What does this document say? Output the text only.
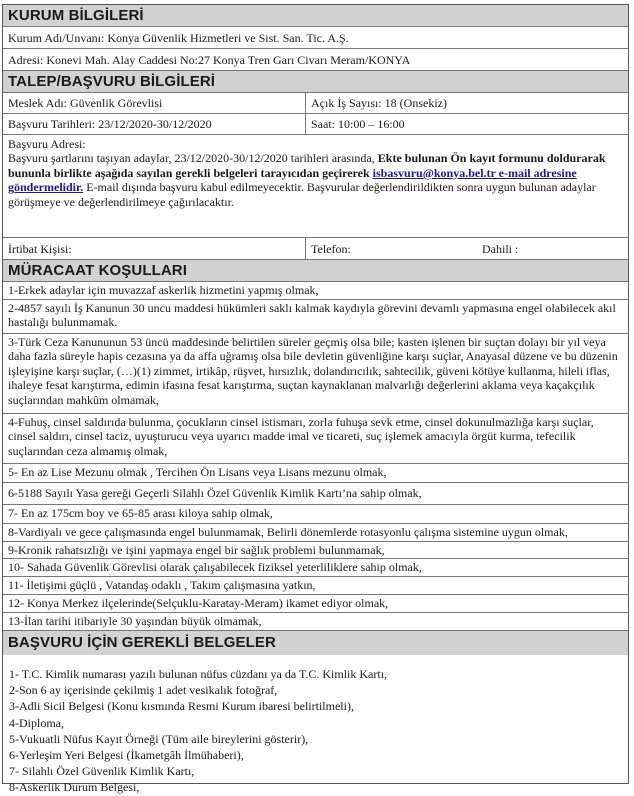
KURUM BİLGİLERİ
Kurum Adı/Unvanı: Konya Güvenlik Hizmetleri ve Sist. San. Tic. A.Ş.
Adresi: Konevi Mah. Alay Caddesi No:27 Konya Tren Garı Civarı Meram/KONYA
TALEP/BAŞVURU BİLGİLERİ
Meslek Adı: Güvenlik Görevlisi	Açık İş Sayısı: 18 (Onsekiz)
Başvuru Tarihleri: 23/12/2020-30/12/2020	Saat: 10:00 – 16:00
Başvuru Adresi:
Başvuru şartlarını taşıyan adaylar, 23/12/2020-30/12/2020 tarihleri arasında, Ekte bulunan Ön kayıt formunu doldurarak bununla birlikte aşağıda sayılan gerekli belgeleri tarayıcıdan geçirerek isbasvuru@konya.bel.tr e-mail adresine göndermelidir. E-mail dışında başvuru kabul edilmeyecektir. Başvurular değerlendirildikten sonra uygun bulunan adaylar görüşmeye ve değerlendirilmeye çağırılacaktır.
İrtibat Kişisi:	Telefon:	Dahili :
MÜRACAAT KOŞULLARI
1-Erkek adaylar için muvazzaf askerlik hizmetini yapmış olmak,
2-4857 sayılı İş Kanunun 30 uncu maddesi hükümleri saklı kalmak kaydıyla görevini devamlı yapmasına engel olabilecek akıl hastalığı bulunmamak.
3-Türk Ceza Kanununun 53 üncü maddesinde belirtilen süreler geçmiş olsa bile; kasten işlenen bir suçtan dolayı bir yıl veya daha fazla süreyle hapis cezasına ya da affa uğramış olsa bile devletin güvenliğine karşı suçlar, Anayasal düzene ve bu düzenin işleyişine karşı suçlar, (…)(1) zimmet, irtikâp, rüşvet, hırsızlık, dolandırıcılık, sahtecilik, güveni kötüye kullanma, hileli iflas, ihaleye fesat karıştırma, edimin ifasına fesat karıştırma, suçtan kaynaklanan malvarlığı değerlerini aklama veya kaçakçılık suçlarından mahkûm olmamak,
4-Fuhuş, cinsel saldırıda bulunma, çocukların cinsel istismarı, zorla fuhuşa sevk etme, cinsel dokunulmazlığa karşı suçlar, cinsel saldırı, cinsel taciz, uyuşturucu veya uyarıcı madde imal ve ticareti, suç işlemek amacıyla örgüt kurma, tefecilik suçlarından ceza almamış olmak,
5- En az Lise Mezunu olmak , Tercihen Ön Lisans veya Lisans mezunu olmak,
6-5188 Sayılı Yasa gereği Geçerli Silahlı Özel Güvenlik Kimlik Kartı’na sahip olmak,
7- En az 175cm boy ve 65-85 arası kiloya sahip olmak,
8-Vardiyalı ve gece çalışmasında engel bulunmamak, Belirli dönemlerde rotasyonlu çalışma sistemine uygun olmak,
9-Kronik rahatsızlığı ve işini yapmaya engel bir sağlık problemi bulunmamak,
10- Sahada Güvenlik Görevlisi olarak çalışabilecek fiziksel yeterliliklere sahip olmak,
11- İletişimi güçlü , Vatandaş odaklı , Takım çalışmasına yatkın,
12- Konya Merkez ilçelerinde(Selçuklu-Karatay-Meram) ikamet ediyor olmak,
13-İlan tarihi itibariyle 30 yaşından büyük olmamak,
BAŞVURU İÇİN GEREKLİ BELGELER
1- T.C. Kimlik numarası yazılı bulunan nüfus cüzdanı ya da T.C. Kimlik Kartı,
2-Son 6 ay içerisinde çekilmiş 1 adet vesikalık fotoğraf,
3-Adli Sicil Belgesi (Konu kısmında Resmi Kurum ibaresi belirtilmeli),
4-Diploma,
5-Vukuatli Nüfus Kayıt Örneği (Tüm aile bireylerini gösterir),
6-Yerleşim Yeri Belgesi (İkametgâh İlmühaberi),
7- Silahlı Özel Güvenlik Kimlik Kartı,
8-Askerlik Durum Belgesi,
